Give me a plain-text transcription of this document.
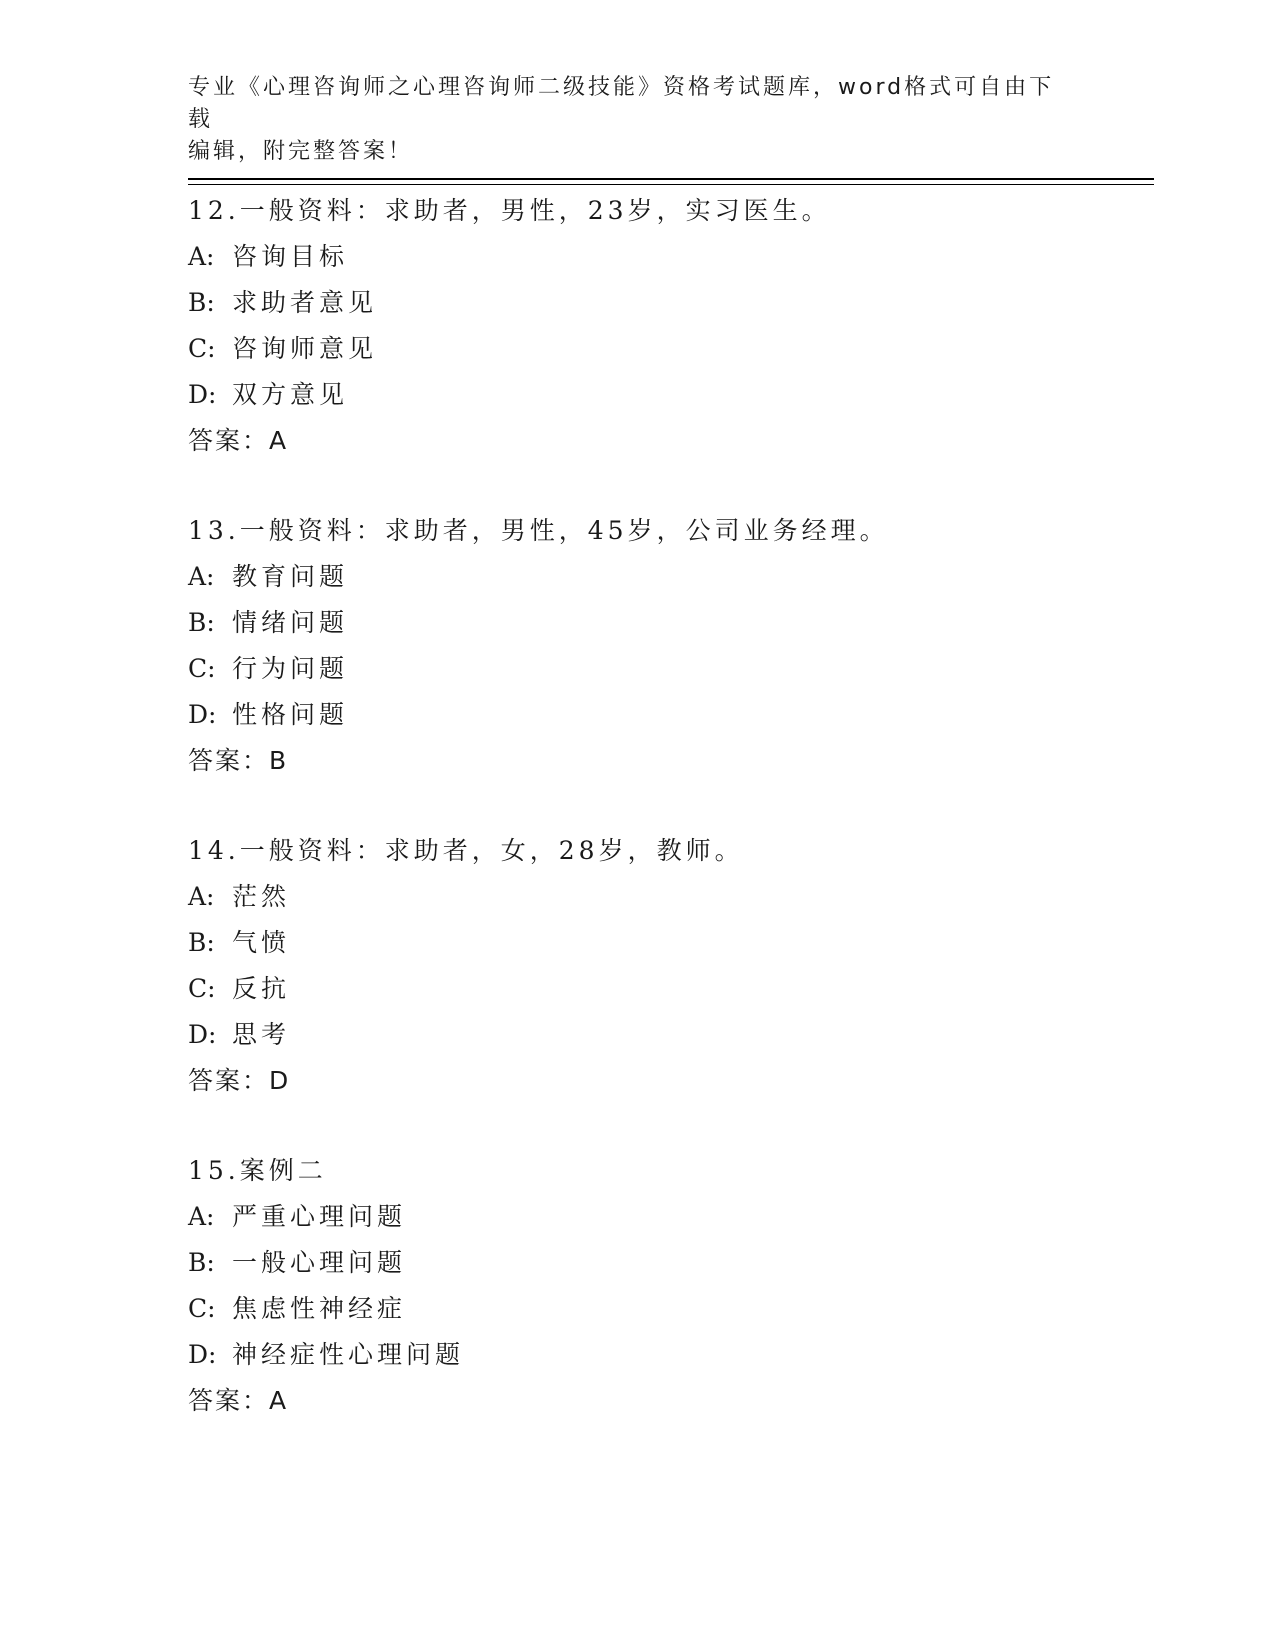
专业《心理咨询师之心理咨询师二级技能》资格考试题库，word格式可自由下载
编辑，附完整答案！
12.一般资料：求助者，男性，23岁，实习医生。
A: 咨询目标
B: 求助者意见
C: 咨询师意见
D: 双方意见
答案：A
13.一般资料：求助者，男性，45岁，公司业务经理。
A: 教育问题
B: 情绪问题
C: 行为问题
D: 性格问题
答案：B
14.一般资料：求助者，女，28岁，教师。
A: 茫然
B: 气愤
C: 反抗
D: 思考
答案：D
15.案例二
A: 严重心理问题
B: 一般心理问题
C: 焦虑性神经症
D: 神经症性心理问题
答案：A
